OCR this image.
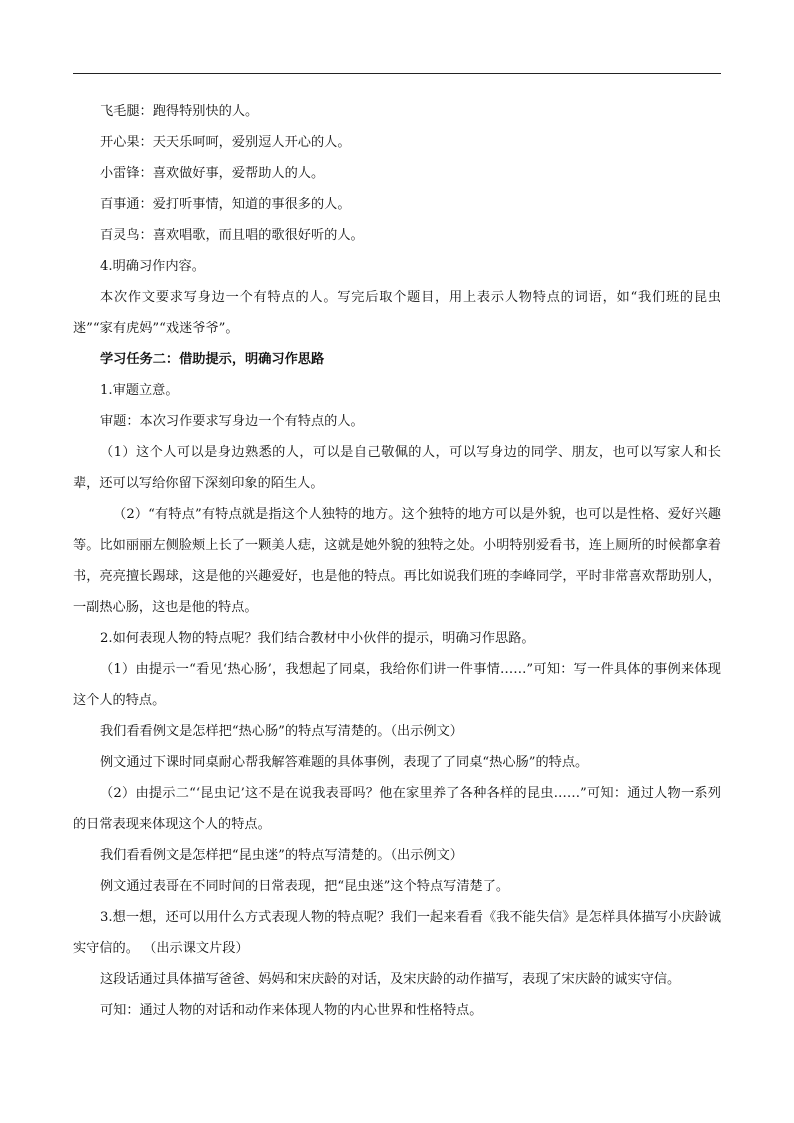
飞毛腿：跑得特别快的人。

开心果：天天乐呵呵，爱别逗人开心的人。

小雷锋：喜欢做好事，爱帮助人的人。

百事通：爱打听事情，知道的事很多的人。

百灵鸟：喜欢唱歌，而且唱的歌很好听的人。

4.明确习作内容。

本次作文要求写身边一个有特点的人。写完后取个题目，用上表示人物特点的词语，如“我们班的昆虫迷”“家有虎妈”“戏迷爷爷”。

学习任务二：借助提示，明确习作思路

1.审题立意。

审题：本次习作要求写身边一个有特点的人。

（1）这个人可以是身边熟悉的人，可以是自己敬佩的人，可以写身边的同学、朋友，也可以写家人和长辈，还可以写给你留下深刻印象的陌生人。

（2）“有特点”有特点就是指这个人独特的地方。这个独特的地方可以是外貌，也可以是性格、爱好兴趣等。比如丽丽左侧脸颊上长了一颗美人痣，这就是她外貌的独特之处。小明特别爱看书，连上厕所的时候都拿着书，亮亮擅长踢球，这是他的兴趣爱好，也是他的特点。再比如说我们班的李峰同学，平时非常喜欢帮助别人，一副热心肠，这也是他的特点。

2.如何表现人物的特点呢？我们结合教材中小伙伴的提示，明确习作思路。

（1）由提示一“看见‘热心肠’，我想起了同桌，我给你们讲一件事情……”可知：写一件具体的事例来体现这个人的特点。

我们看看例文是怎样把“热心肠”的特点写清楚的。（出示例文）

例文通过下课时同桌耐心帮我解答难题的具体事例，表现了了同桌“热心肠”的特点。

（2）由提示二“‘昆虫记’这不是在说我表哥吗？他在家里养了各种各样的昆虫……”可知：通过人物一系列的日常表现来体现这个人的特点。

我们看看例文是怎样把“昆虫迷”的特点写清楚的。（出示例文）

例文通过表哥在不同时间的日常表现，把“昆虫迷”这个特点写清楚了。

3.想一想，还可以用什么方式表现人物的特点呢？我们一起来看看《我不能失信》是怎样具体描写小庆龄诚实守信的。 （出示课文片段）

这段话通过具体描写爸爸、妈妈和宋庆龄的对话，及宋庆龄的动作描写，表现了宋庆龄的诚实守信。

可知：通过人物的对话和动作来体现人物的内心世界和性格特点。
